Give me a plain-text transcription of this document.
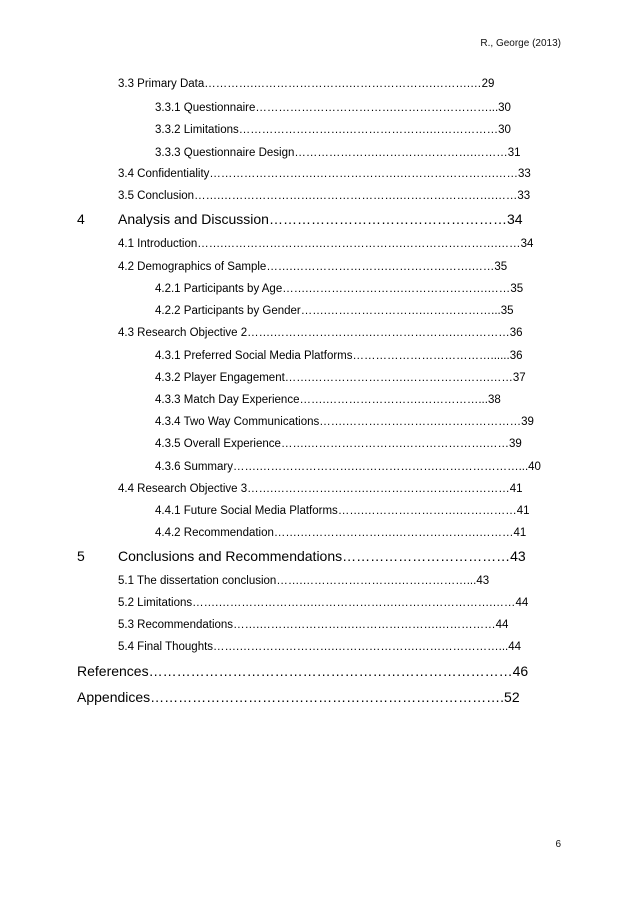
R., George (2013)
3.3 Primary Data………….…………………….………………….……….…29
3.3.1 Questionnaire……………………………….……………………...30
3.3.2 Limitations……………………….………………….………………30
3.3.3 Questionnaire Design………………….…………………….………31
3.4 Confidentiality……………………….………………….…………………….……33
3.5 Conclusion…….…………………….………………….…………………….……33
4 Analysis and Discussion……………………………………………34
4.1 Introduction…….…………………….………………….…………………….……34
4.2 Demographics of Sample…….…………………….………………….……35
4.2.1 Participants by Age…….…………………….………………….……35
4.2.2 Participants by Gender…….…………………….………………...35
4.3 Research Objective 2…….…………………….………………….……………36
4.3.1 Preferred Social Media Platforms………………………………......36
4.3.2 Player Engagement…….…………………….………………….……37
4.3.3 Match Day Experience…….…………………….……………...38
4.3.4 Two Way Communications…….…………………….…………………39
4.3.5 Overall Experience…….…………………….………………….……39
4.3.6 Summary…….…………………….………………….…………………...40
4.4 Research Objective 3…….…………………….………………….……………41
4.4.1 Future Social Media Platforms…….…………………….……………41
4.4.2 Recommendation…….…………………….………………….………41
5 Conclusions and Recommendations………………………………43
5.1 The dissertation conclusion…….…………………….………………...43
5.2 Limitations…….…………………….………………….…………………….……44
5.3 Recommendations…….…………………….………………….……………44
5.4 Final Thoughts…….…………………….………………….…………………...44
References……………………………………………………………………46
Appendices………………………………………………………………….52
6
